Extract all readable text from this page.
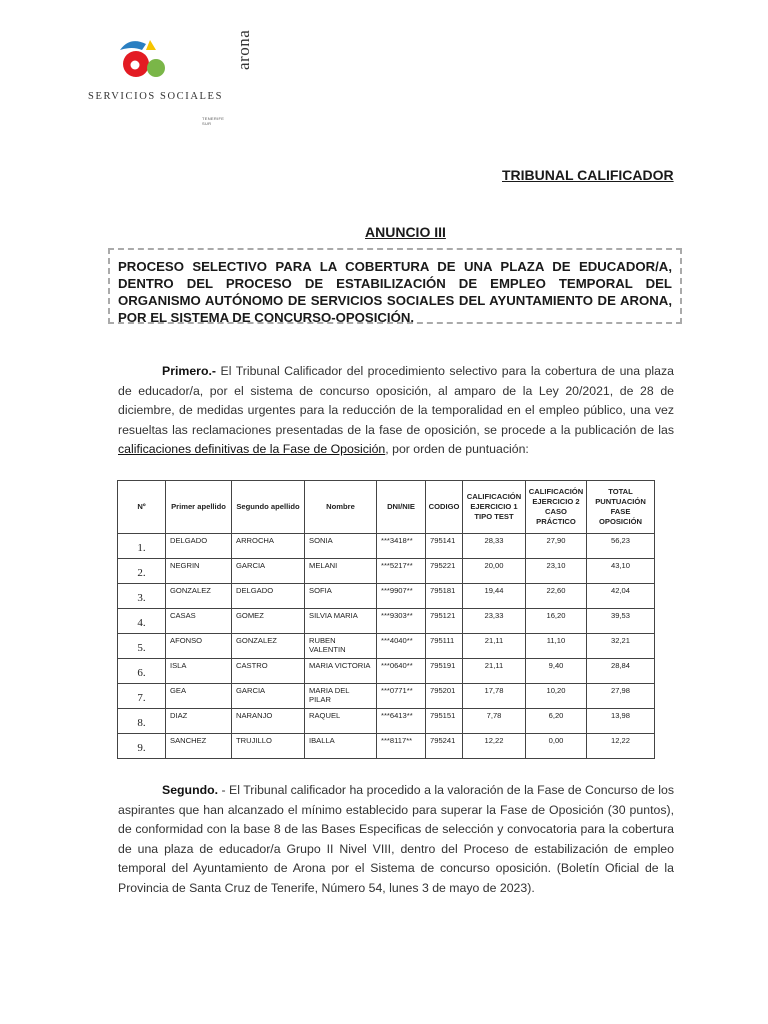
arona
TENERIFE SUR
SERVICIOS SOCIALES
TRIBUNAL CALIFICADOR
ANUNCIO III
PROCESO SELECTIVO PARA LA COBERTURA DE UNA PLAZA DE EDUCADOR/A, DENTRO DEL PROCESO DE ESTABILIZACIÓN DE EMPLEO TEMPORAL DEL ORGANISMO AUTÓNOMO DE SERVICIOS SOCIALES DEL AYUNTAMIENTO DE ARONA, POR EL SISTEMA DE CONCURSO-OPOSICIÓN.

Primero.- El Tribunal Calificador del procedimiento selectivo para la cobertura de una plaza de educador/a, por el sistema de concurso oposición, al amparo de la Ley 20/2021, de 28 de diciembre, de medidas urgentes para la reducción de la temporalidad en el empleo público, una vez resueltas las reclamaciones presentadas de la fase de oposición, se procede a la publicación de las calificaciones definitivas de la Fase de Oposición, por orden de puntuación:

Nº	Primer apellido	Segundo apellido	Nombre	DNI/NIE	CODIGO	CALIFICACIÓN EJERCICIO 1 TIPO TEST	CALIFICACIÓN EJERCICIO 2 CASO PRÁCTICO	TOTAL PUNTUACIÓN FASE OPOSICIÓN
1.	DELGADO	ARROCHA	SONIA	***3418**	795141	28,33	27,90	56,23
2.	NEGRIN	GARCIA	MELANI	***5217**	795221	20,00	23,10	43,10
3.	GONZALEZ	DELGADO	SOFIA	***9907**	795181	19,44	22,60	42,04
4.	CASAS	GOMEZ	SILVIA MARIA	***9303**	795121	23,33	16,20	39,53
5.	AFONSO	GONZALEZ	RUBEN VALENTIN	***4040**	795111	21,11	11,10	32,21
6.	ISLA	CASTRO	MARIA VICTORIA	***0640**	795191	21,11	9,40	28,84
7.	GEA	GARCIA	MARIA DEL PILAR	***0771**	795201	17,78	10,20	27,98
8.	DIAZ	NARANJO	RAQUEL	***6413**	795151	7,78	6,20	13,98
9.	SANCHEZ	TRUJILLO	IBALLA	***8117**	795241	12,22	0,00	12,22

Segundo. - El Tribunal calificador ha procedido a la valoración de la Fase de Concurso de los aspirantes que han alcanzado el mínimo establecido para superar la Fase de Oposición (30 puntos), de conformidad con la base 8 de las Bases Especificas de selección y convocatoria para la cobertura de una plaza de educador/a Grupo II Nivel VIII, dentro del Proceso de estabilización de empleo temporal del Ayuntamiento de Arona por el Sistema de concurso oposición. (Boletín Oficial de la Provincia de Santa Cruz de Tenerife, Número 54, lunes 3 de mayo de 2023).
